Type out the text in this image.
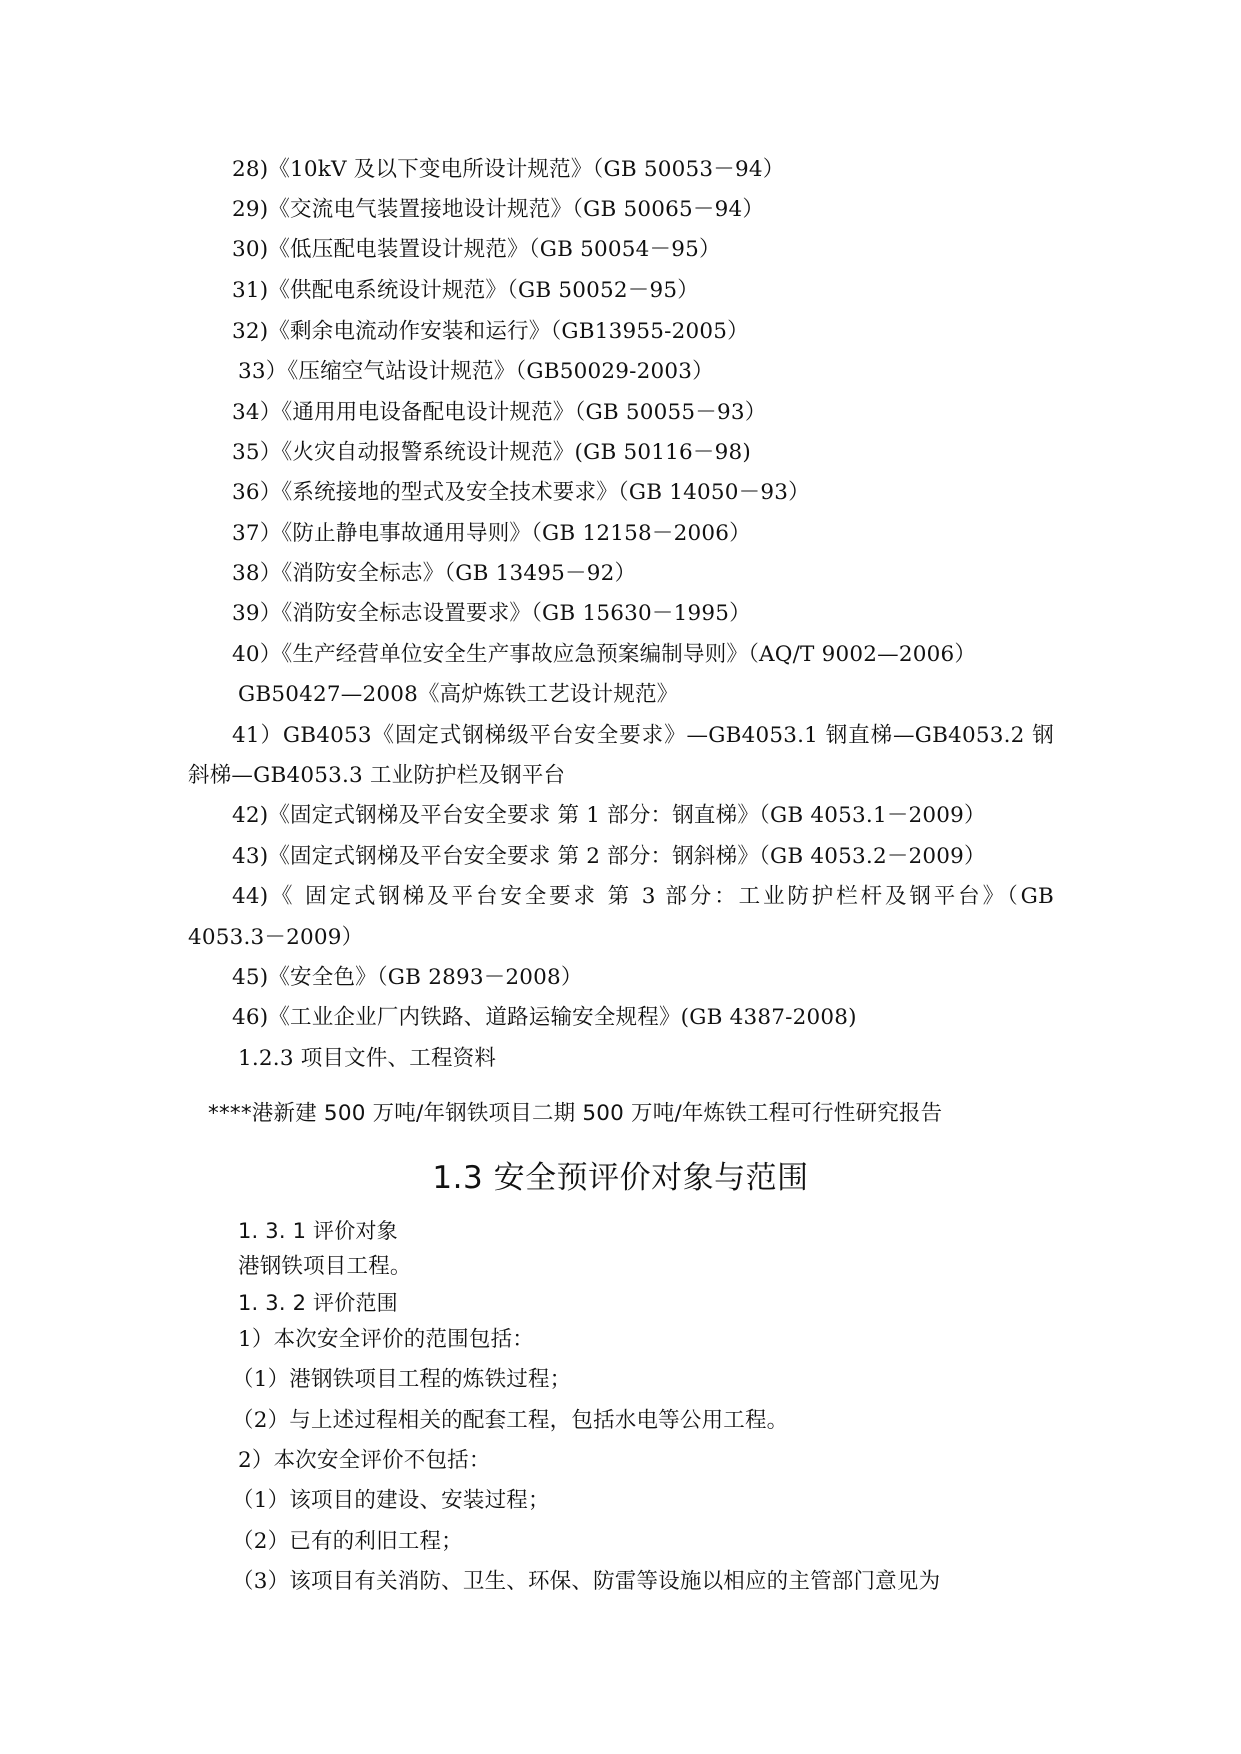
28)《10kV 及以下变电所设计规范》（GB 50053－94）
29)《交流电气装置接地设计规范》（GB 50065－94）
30)《低压配电装置设计规范》（GB 50054－95）
31)《供配电系统设计规范》（GB 50052－95）
32)《剩余电流动作安装和运行》（GB13955-2005）
33）《压缩空气站设计规范》（GB50029-2003）
34）《通用用电设备配电设计规范》（GB 50055－93）
35）《火灾自动报警系统设计规范》(GB 50116－98)
36）《系统接地的型式及安全技术要求》（GB 14050－93）
37）《防止静电事故通用导则》（GB 12158－2006）
38）《消防安全标志》（GB 13495－92）
39）《消防安全标志设置要求》（GB 15630－1995）
40）《生产经营单位安全生产事故应急预案编制导则》（AQ/T 9002—2006）
GB50427—2008《高炉炼铁工艺设计规范》
41）GB4053《固定式钢梯级平台安全要求》—GB4053.1 钢直梯—GB4053.2 钢
斜梯—GB4053.3 工业防护栏及钢平台
42)《固定式钢梯及平台安全要求 第 1 部分：钢直梯》（GB 4053.1－2009）
43)《固定式钢梯及平台安全要求 第 2 部分：钢斜梯》（GB 4053.2－2009）
44)《 固定式钢梯及平台安全要求 第 3 部分：工业防护栏杆及钢平台》（GB
4053.3－2009）
45)《安全色》（GB 2893－2008）
46)《工业企业厂内铁路、道路运输安全规程》(GB 4387-2008)
1.2.3 项目文件、工程资料
****港新建 500 万吨/年钢铁项目二期 500 万吨/年炼铁工程可行性研究报告
1.3 安全预评价对象与范围
1. 3. 1 评价对象
港钢铁项目工程。
1. 3. 2 评价范围
1）本次安全评价的范围包括：
（1）港钢铁项目工程的炼铁过程；
（2）与上述过程相关的配套工程，包括水电等公用工程。
2）本次安全评价不包括：
（1）该项目的建设、安装过程；
（2）已有的利旧工程；
（3）该项目有关消防、卫生、环保、防雷等设施以相应的主管部门意见为
